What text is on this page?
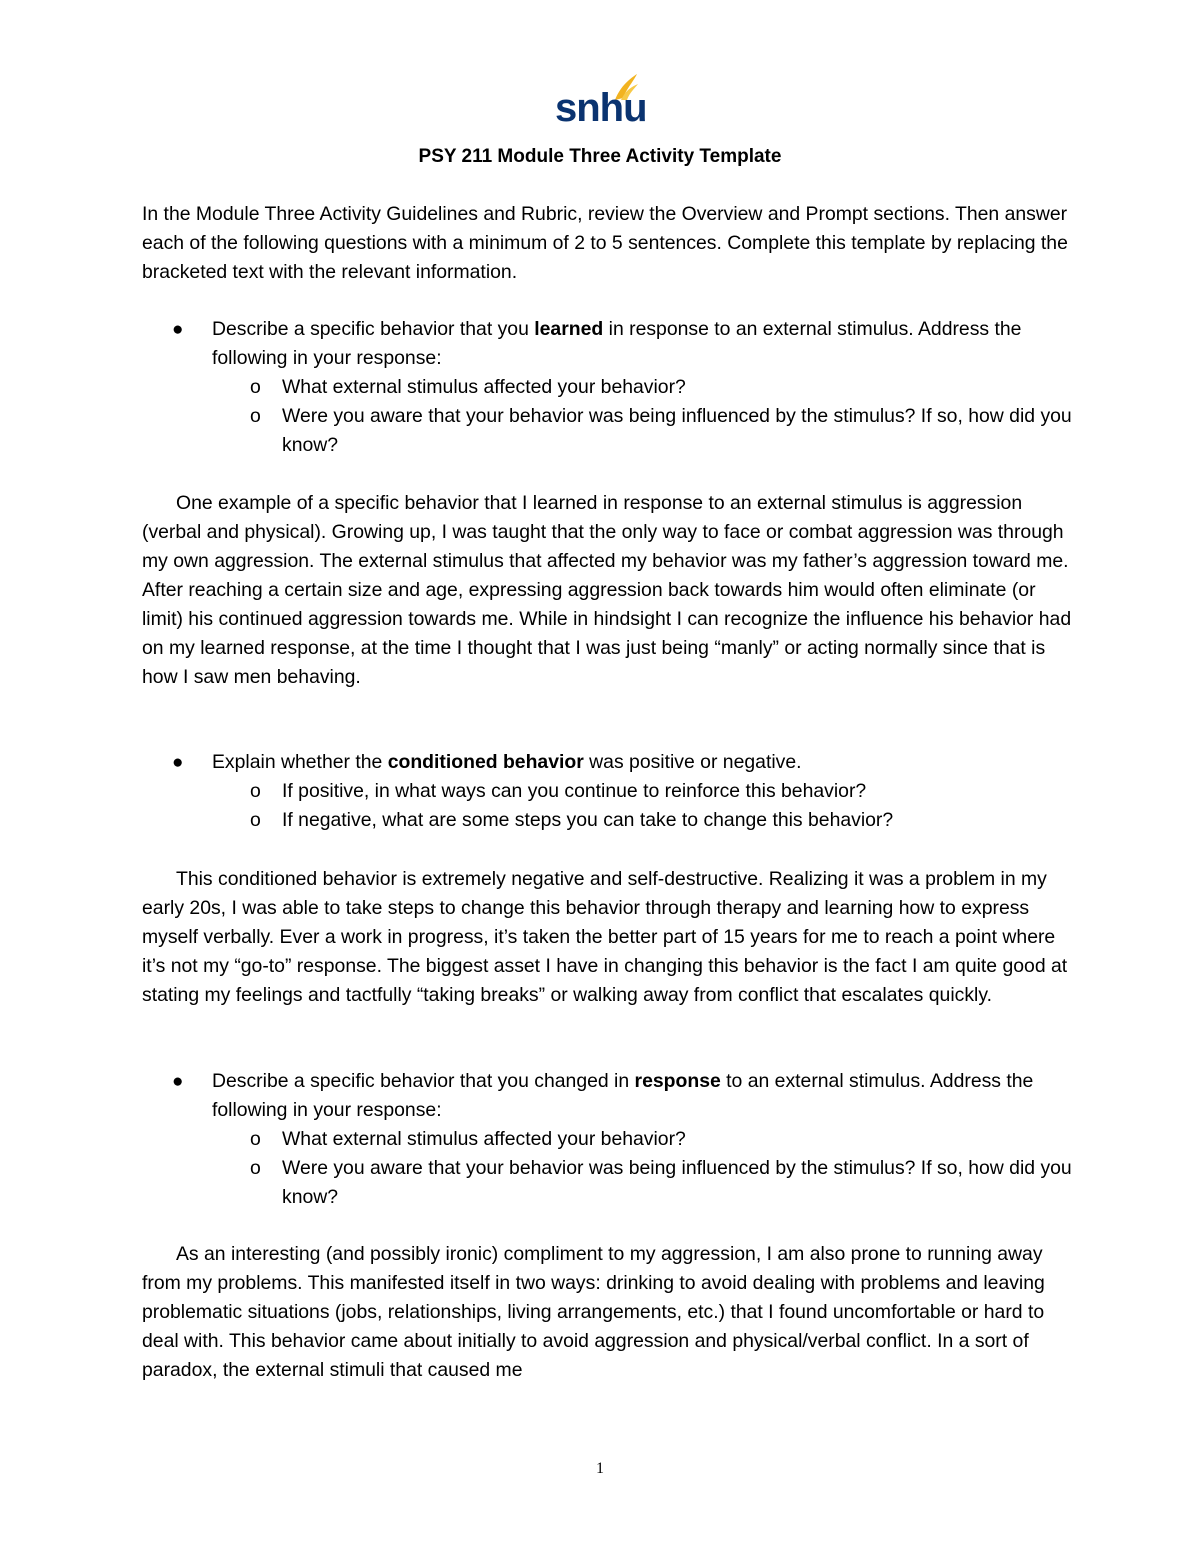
snhu
PSY 211 Module Three Activity Template

In the Module Three Activity Guidelines and Rubric, review the Overview and Prompt sections. Then answer each of the following questions with a minimum of 2 to 5 sentences. Complete this template by replacing the bracketed text with the relevant information.

● Describe a specific behavior that you learned in response to an external stimulus. Address the following in your response:
o What external stimulus affected your behavior?
o Were you aware that your behavior was being influenced by the stimulus? If so, how did you know?

One example of a specific behavior that I learned in response to an external stimulus is aggression (verbal and physical). Growing up, I was taught that the only way to face or combat aggression was through my own aggression. The external stimulus that affected my behavior was my father’s aggression toward me. After reaching a certain size and age, expressing aggression back towards him would often eliminate (or limit) his continued aggression towards me. While in hindsight I can recognize the influence his behavior had on my learned response, at the time I thought that I was just being “manly” or acting normally since that is how I saw men behaving.

● Explain whether the conditioned behavior was positive or negative.
o If positive, in what ways can you continue to reinforce this behavior?
o If negative, what are some steps you can take to change this behavior?

This conditioned behavior is extremely negative and self-destructive. Realizing it was a problem in my early 20s, I was able to take steps to change this behavior through therapy and learning how to express myself verbally. Ever a work in progress, it’s taken the better part of 15 years for me to reach a point where it’s not my “go-to” response. The biggest asset I have in changing this behavior is the fact I am quite good at stating my feelings and tactfully “taking breaks” or walking away from conflict that escalates quickly.

● Describe a specific behavior that you changed in response to an external stimulus. Address the following in your response:
o What external stimulus affected your behavior?
o Were you aware that your behavior was being influenced by the stimulus? If so, how did you know?

As an interesting (and possibly ironic) compliment to my aggression, I am also prone to running away from my problems. This manifested itself in two ways: drinking to avoid dealing with problems and leaving problematic situations (jobs, relationships, living arrangements, etc.) that I found uncomfortable or hard to deal with. This behavior came about initially to avoid aggression and physical/verbal conflict. In a sort of paradox, the external stimuli that caused me

1
